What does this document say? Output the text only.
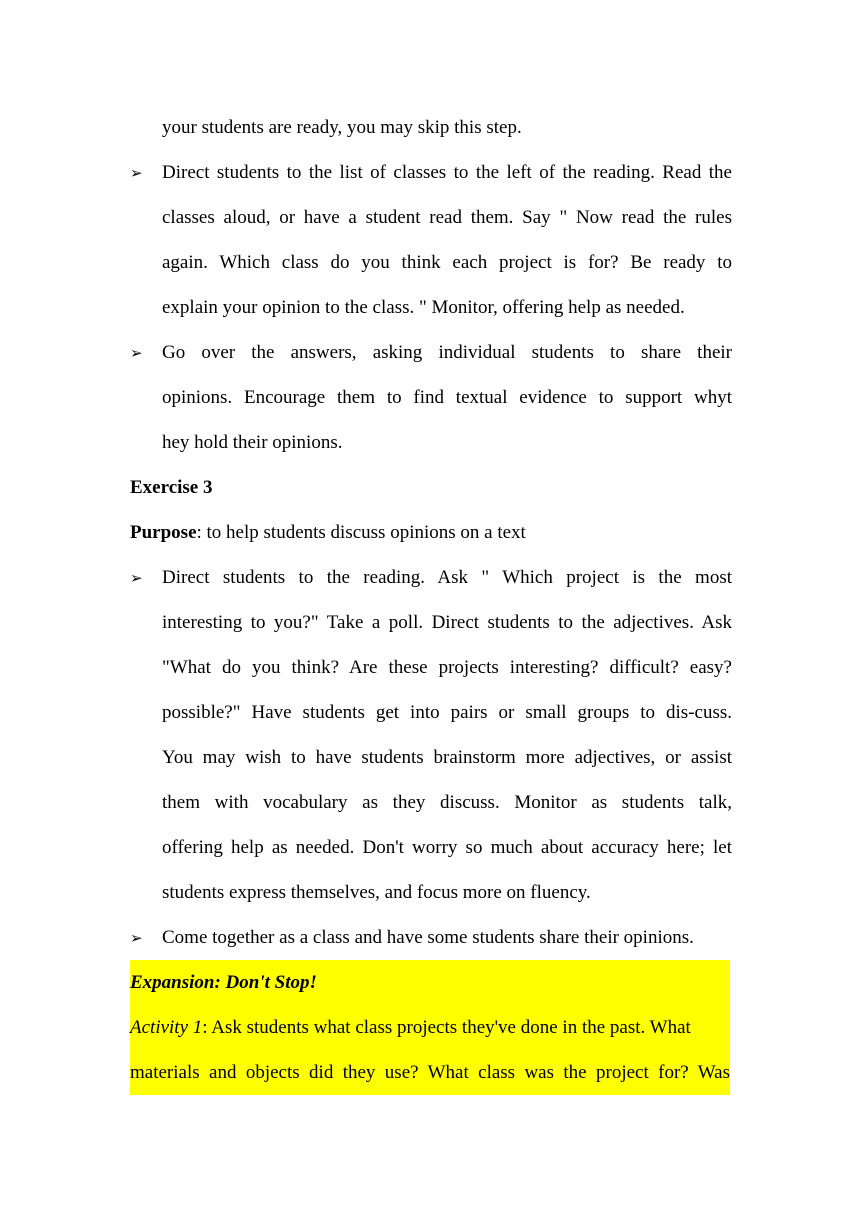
your students are ready, you may skip this step.
➢ Direct students to the list of classes to the left of the reading. Read the
classes aloud, or have a student read them. Say " Now read the rules
again. Which class do you think each project is for? Be ready to
explain your opinion to the class. " Monitor, offering help as needed.
➢ Go over the answers, asking individual students to share their
opinions. Encourage them to find textual evidence to support whyt
hey hold their opinions.
Exercise 3
Purpose: to help students discuss opinions on a text
➢ Direct students to the reading. Ask " Which project is the most
interesting to you?" Take a poll. Direct students to the adjectives. Ask
"What do you think? Are these projects interesting? difficult? easy?
possible?" Have students get into pairs or small groups to dis-cuss.
You may wish to have students brainstorm more adjectives, or assist
them with vocabulary as they discuss. Monitor as students talk,
offering help as needed. Don't worry so much about accuracy here; let
students express themselves, and focus more on fluency.
➢ Come together as a class and have some students share their opinions.
Expansion: Don't Stop!
Activity 1: Ask students what class projects they've done in the past. What
materials and objects did they use? What class was the project for? Was
